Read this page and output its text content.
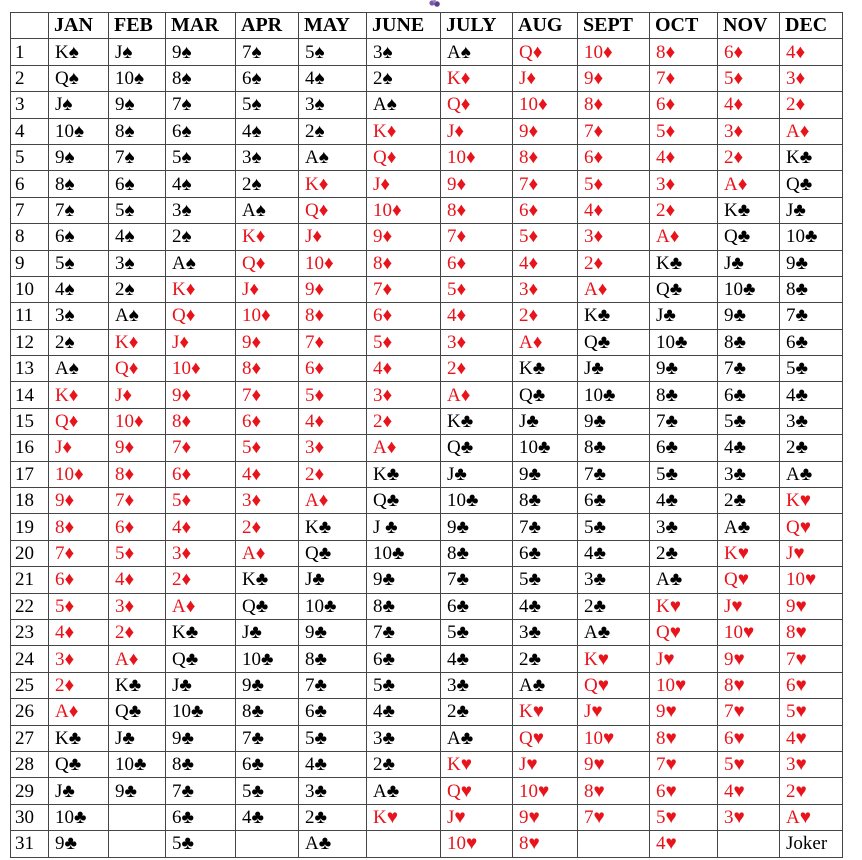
	JAN	FEB	MAR	APR	MAY	JUNE	JULY	AUG	SEPT	OCT	NOV	DEC
1	K♠	J♠	9♠	7♠	5♠	3♠	A♠	Q♦	10♦	8♦	6♦	4♦
2	Q♠	10♠	8♠	6♠	4♠	2♠	K♦	J♦	9♦	7♦	5♦	3♦
3	J♠	9♠	7♠	5♠	3♠	A♠	Q♦	10♦	8♦	6♦	4♦	2♦
4	10♠	8♠	6♠	4♠	2♠	K♦	J♦	9♦	7♦	5♦	3♦	A♦
5	9♠	7♠	5♠	3♠	A♠	Q♦	10♦	8♦	6♦	4♦	2♦	K♣
6	8♠	6♠	4♠	2♠	K♦	J♦	9♦	7♦	5♦	3♦	A♦	Q♣
7	7♠	5♠	3♠	A♠	Q♦	10♦	8♦	6♦	4♦	2♦	K♣	J♣
8	6♠	4♠	2♠	K♦	J♦	9♦	7♦	5♦	3♦	A♦	Q♣	10♣
9	5♠	3♠	A♠	Q♦	10♦	8♦	6♦	4♦	2♦	K♣	J♣	9♣
10	4♠	2♠	K♦	J♦	9♦	7♦	5♦	3♦	A♦	Q♣	10♣	8♣
11	3♠	A♠	Q♦	10♦	8♦	6♦	4♦	2♦	K♣	J♣	9♣	7♣
12	2♠	K♦	J♦	9♦	7♦	5♦	3♦	A♦	Q♣	10♣	8♣	6♣
13	A♠	Q♦	10♦	8♦	6♦	4♦	2♦	K♣	J♣	9♣	7♣	5♣
14	K♦	J♦	9♦	7♦	5♦	3♦	A♦	Q♣	10♣	8♣	6♣	4♣
15	Q♦	10♦	8♦	6♦	4♦	2♦	K♣	J♣	9♣	7♣	5♣	3♣
16	J♦	9♦	7♦	5♦	3♦	A♦	Q♣	10♣	8♣	6♣	4♣	2♣
17	10♦	8♦	6♦	4♦	2♦	K♣	J♣	9♣	7♣	5♣	3♣	A♣
18	9♦	7♦	5♦	3♦	A♦	Q♣	10♣	8♣	6♣	4♣	2♣	K♥
19	8♦	6♦	4♦	2♦	K♣	J ♣	9♣	7♣	5♣	3♣	A♣	Q♥
20	7♦	5♦	3♦	A♦	Q♣	10♣	8♣	6♣	4♣	2♣	K♥	J♥
21	6♦	4♦	2♦	K♣	J♣	9♣	7♣	5♣	3♣	A♣	Q♥	10♥
22	5♦	3♦	A♦	Q♣	10♣	8♣	6♣	4♣	2♣	K♥	J♥	9♥
23	4♦	2♦	K♣	J♣	9♣	7♣	5♣	3♣	A♣	Q♥	10♥	8♥
24	3♦	A♦	Q♣	10♣	8♣	6♣	4♣	2♣	K♥	J♥	9♥	7♥
25	2♦	K♣	J♣	9♣	7♣	5♣	3♣	A♣	Q♥	10♥	8♥	6♥
26	A♦	Q♣	10♣	8♣	6♣	4♣	2♣	K♥	J♥	9♥	7♥	5♥
27	K♣	J♣	9♣	7♣	5♣	3♣	A♣	Q♥	10♥	8♥	6♥	4♥
28	Q♣	10♣	8♣	6♣	4♣	2♣	K♥	J♥	9♥	7♥	5♥	3♥
29	J♣	9♣	7♣	5♣	3♣	A♣	Q♥	10♥	8♥	6♥	4♥	2♥
30	10♣		6♣	4♣	2♣	K♥	J♥	9♥	7♥	5♥	3♥	A♥
31	9♣		5♣		A♣		10♥	8♥		4♥		Joker
